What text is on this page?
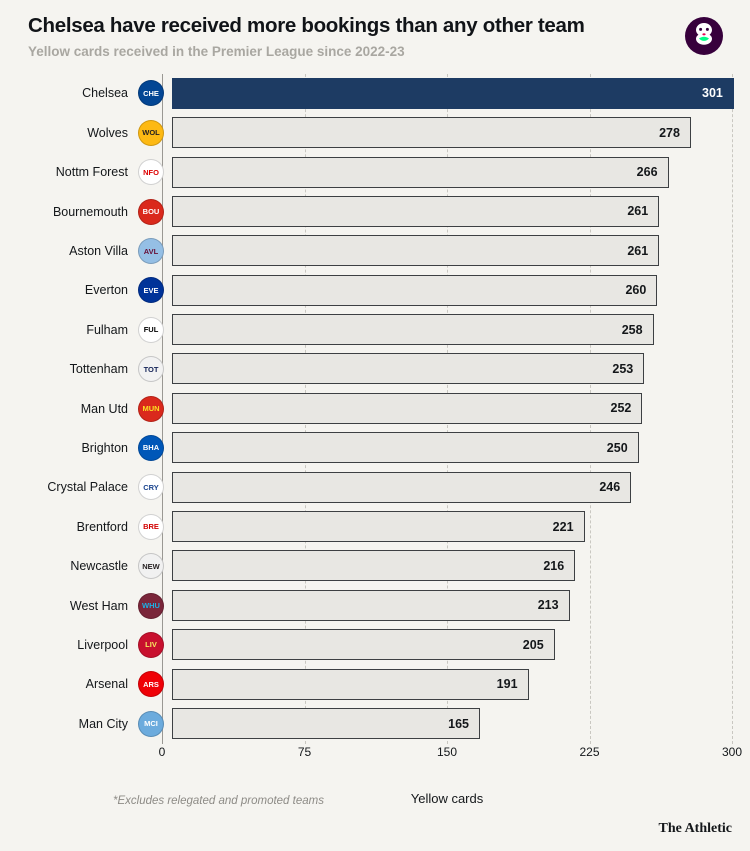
Chelsea have received more bookings than any other team

Yellow cards received in the Premier League since 2022-23

Chelsea	CHE	301
Wolves	WOL	278
Nottm Forest	NFO	266
Bournemouth	BOU	261
Aston Villa	AVL	261
Everton	EVE	260
Fulham	FUL	258
Tottenham	TOT	253
Man Utd	MUN	252
Brighton	BHA	250
Crystal Palace	CRY	246
Brentford	BRE	221
Newcastle	NEW	216
West Ham	WHU	213
Liverpool	LIV	205
Arsenal	ARS	191
Man City	MCI	165
0	75	150	225	300
Yellow cards
*Excludes relegated and promoted teams
The Athletic
